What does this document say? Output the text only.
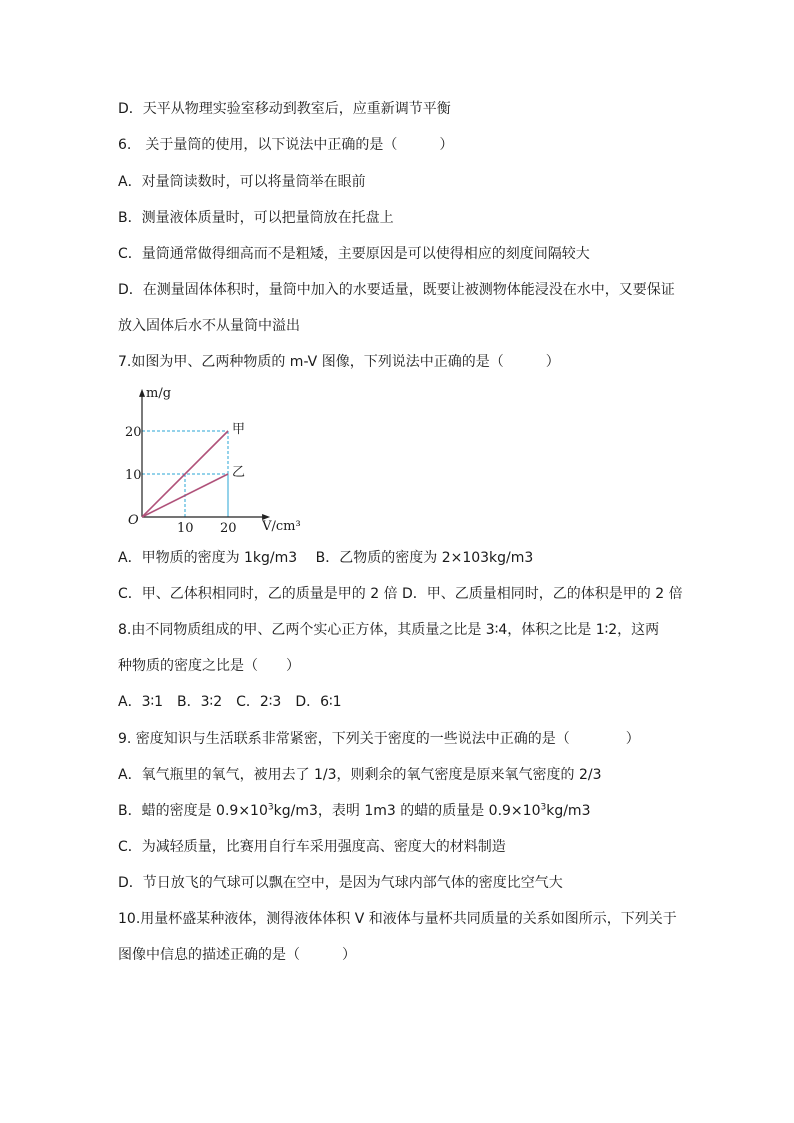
D．天平从物理实验室移动到教室后，应重新调节平衡
6.　关于量筒的使用，以下说法中正确的是（　　　）
A．对量筒读数时，可以将量筒举在眼前
B．测量液体质量时，可以把量筒放在托盘上
C．量筒通常做得细高而不是粗矮，主要原因是可以使得相应的刻度间隔较大
D．在测量固体体积时，量筒中加入的水要适量，既要让被测物体能浸没在水中，又要保证
放入固体后水不从量筒中溢出
7.如图为甲、乙两种物质的 m-V 图像，下列说法中正确的是（　　　）
甲
乙
10 20
10
20
O	V/cm³
m/g
A．甲物质的密度为 1kg/m3　 B．乙物质的密度为 2×103kg/m3
C．甲、乙体积相同时，乙的质量是甲的 2 倍 D．甲、乙质量相同时，乙的体积是甲的 2 倍
8.由不同物质组成的甲、乙两个实心正方体，其质量之比是 3∶4，体积之比是 1∶2，这两
种物质的密度之比是（　　）
A．3∶1　B．3∶2　C．2∶3　D．6∶1
9. 密度知识与生活联系非常紧密，下列关于密度的一些说法中正确的是（　　　　）
A．氧气瓶里的氧气，被用去了 1/3，则剩余的氧气密度是原来氧气密度的 2/3
B．蜡的密度是 $0.9\times 10^3kg/m3$，表明 1m3 的蜡的质量是 $0.9\times 10^3kg/m3$
C．为减轻质量，比赛用自行车采用强度高、密度大的材料制造
D．节日放飞的气球可以飘在空中，是因为气球内部气体的密度比空气大
10.用量杯盛某种液体，测得液体体积 V 和液体与量杯共同质量的关系如图所示，下列关于
图像中信息的描述正确的是（　　　）
